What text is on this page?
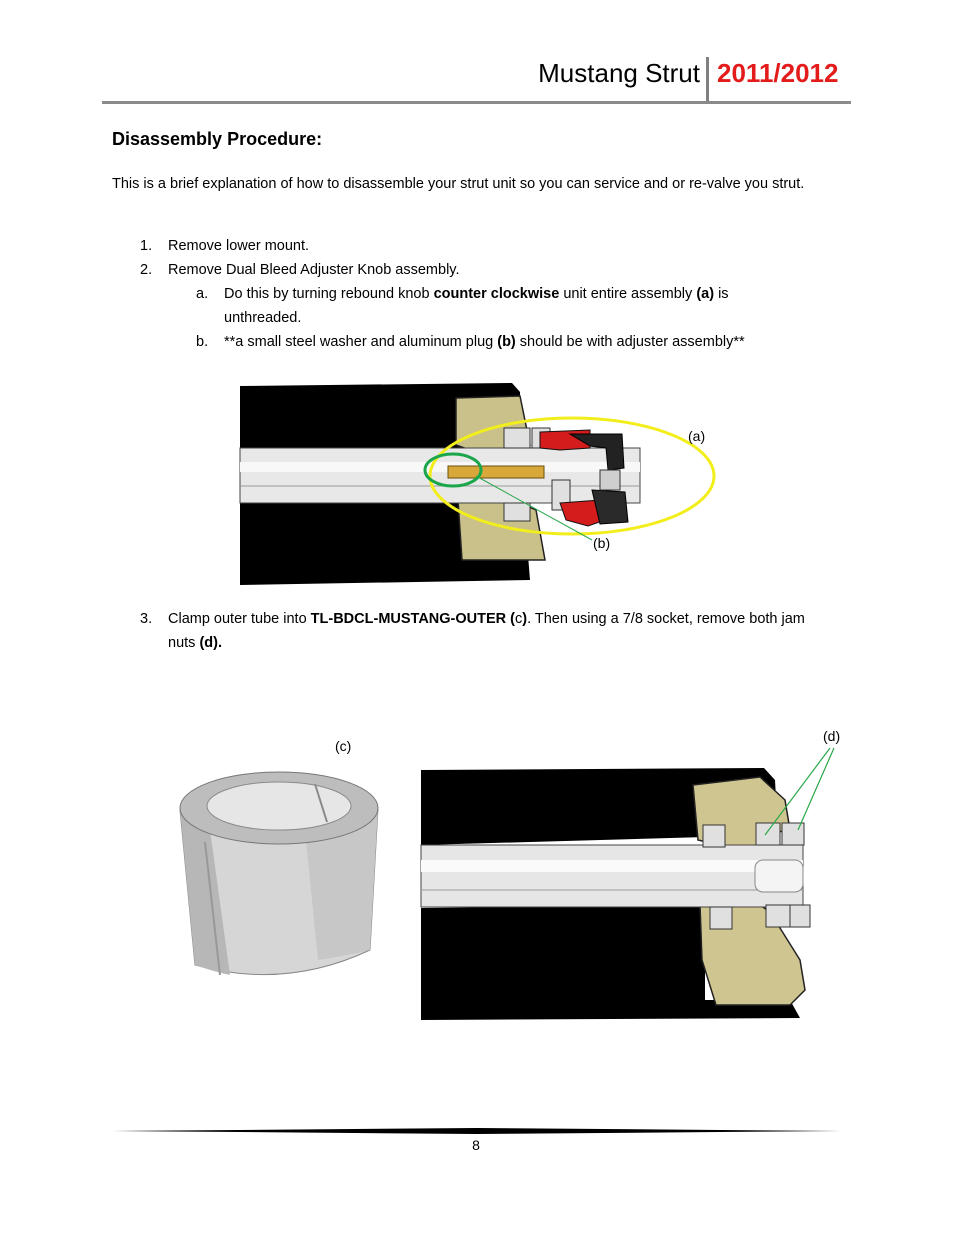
Mustang Strut 2011/2012
Disassembly Procedure:
This is a brief explanation of how to disassemble your strut unit so you can service and or re-valve you strut.
1. Remove lower mount.
2. Remove Dual Bleed Adjuster Knob assembly.
a. Do this by turning rebound knob counter clockwise unit entire assembly (a) is unthreaded.
b. **a small steel washer and aluminum plug (b) should be with adjuster assembly**
(a)
(b)
3. Clamp outer tube into TL-BDCL-MUSTANG-OUTER (c). Then using a 7/8 socket, remove both jam nuts (d).
(c)
(d)
8
